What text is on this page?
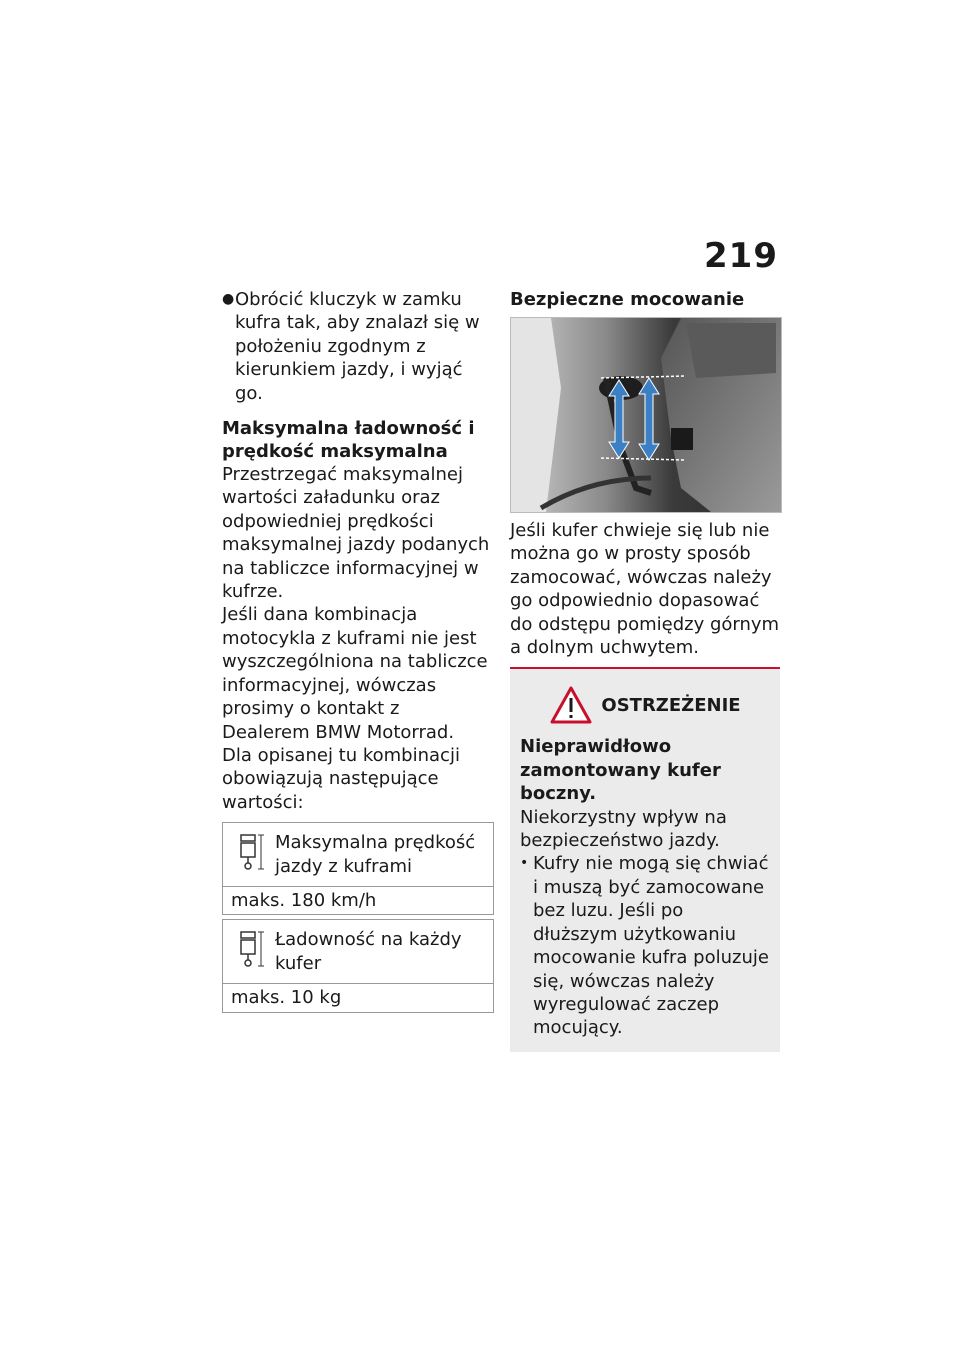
219
● Obrócić kluczyk w zamku kufra tak, aby znalazł się w położeniu zgodnym z kierunkiem jazdy, i wyjąć go.

Maksymalna ładowność i prędkość maksymalna

Przestrzegać maksymalnej wartości załadunku oraz odpowiedniej prędkości maksymalnej jazdy podanych na tabliczce informacyjnej w kufrze.

Jeśli dana kombinacja motocykla z kuframi nie jest wyszczególniona na tabliczce informacyjnej, wówczas prosimy o kontakt z Dealerem BMW Motorrad.

Dla opisanej tu kombinacji obowiązują następujące wartości:

Maksymalna prędkość jazdy z kuframi
maks. 180 km/h
Ładowność na każdy kufer
maks. 10 kg
Bezpieczne mocowanie

Jeśli kufer chwieje się lub nie można go w prosty sposób zamocować, wówczas należy go odpowiednio dopasować do odstępu pomiędzy górnym a dolnym uchwytem.

OSTRZEŻENIE

Nieprawidłowo zamontowany kufer boczny.

Niekorzystny wpływ na bezpieczeństwo jazdy.

• Kufry nie mogą się chwiać i muszą być zamocowane bez luzu. Jeśli po dłuższym użytkowaniu mocowanie kufra poluzuje się, wówczas należy wyregulować zaczep mocujący.
